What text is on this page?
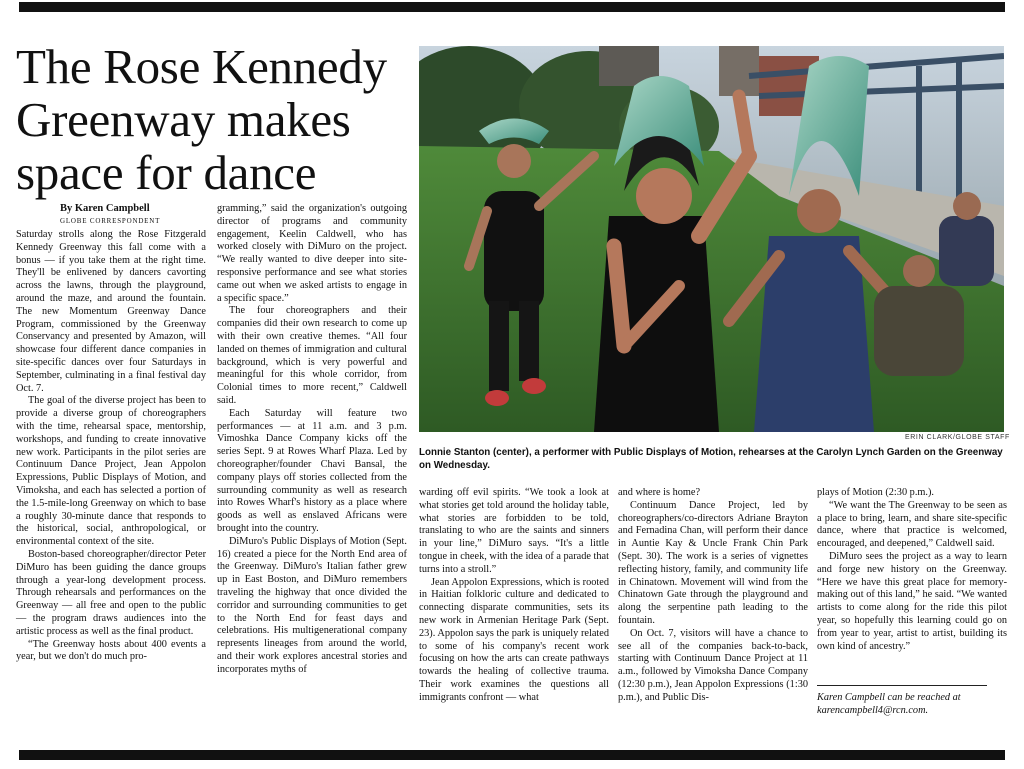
The Rose Kennedy Greenway makes space for dance
By Karen Campbell
GLOBE CORRESPONDENT

Saturday strolls along the Rose Fitzgerald Kennedy Greenway this fall come with a bonus — if you take them at the right time. They'll be enlivened by dancers cavorting across the lawns, through the playground, around the maze, and around the fountain. The new Momentum Greenway Dance Program, commissioned by the Greenway Conservancy and presented by Amazon, will showcase four different dance companies in site-specific dances over four Saturdays in September, culminating in a final festival day Oct. 7.

The goal of the diverse project has been to provide a diverse group of choreographers with the time, rehearsal space, mentorship, workshops, and funding to create innovative new work. Participants in the pilot series are Continuum Dance Project, Jean Appolon Expressions, Public Displays of Motion, and Vimoksha, and each has selected a portion of the 1.5-mile-long Greenway on which to base a roughly 30-minute dance that responds to the historical, social, anthropological, or environmental context of the site.

Boston-based choreographer/director Peter DiMuro has been guiding the dance groups through a year-long development process. Through rehearsals and performances on the Greenway — all free and open to the public — the program draws audiences into the artistic process as well as the final product.

“The Greenway hosts about 400 events a year, but we don't do much pro-

gramming,” said the organization's outgoing director of programs and community engagement, Keelin Caldwell, who has worked closely with DiMuro on the project. “We really wanted to dive deeper into site-responsive performance and see what stories came out when we asked artists to engage in a specific space.”

The four choreographers and their companies did their own research to come up with their own creative themes. “All four landed on themes of immigration and cultural background, which is very powerful and meaningful for this whole corridor, from Colonial times to more recent,” Caldwell said.

Each Saturday will feature two performances — at 11 a.m. and 3 p.m. Vimoshka Dance Company kicks off the series Sept. 9 at Rowes Wharf Plaza. Led by choreographer/founder Chavi Bansal, the company plays off stories collected from the surrounding community as well as research into Rowes Wharf's history as a place where goods as well as enslaved Africans were brought into the country.

DiMuro's Public Displays of Motion (Sept. 16) created a piece for the North End area of the Greenway. DiMuro's Italian father grew up in East Boston, and DiMuro remembers traveling the highway that once divided the corridor and surrounding communities to get to the North End for feast days and celebrations. His multigenerational company represents lineages from around the world, and their work explores ancestral stories and incorporates myths of

ERIN CLARK/GLOBE STAFF

Lonnie Stanton (center), a performer with Public Displays of Motion, rehearses at the Carolyn Lynch Garden on the Greenway on Wednesday.

warding off evil spirits. “We took a look at what stories get told around the holiday table, what stories are forbidden to be told, translating to who are the saints and sinners in your line,” DiMuro says. “It's a little tongue in cheek, with the idea of a parade that turns into a stroll.”

Jean Appolon Expressions, which is rooted in Haitian folkloric culture and dedicated to connecting disparate communities, sets its new work in Armenian Heritage Park (Sept. 23). Appolon says the park is uniquely related to some of his company's recent work focusing on how the arts can create pathways towards the healing of collective trauma. Their work examines the questions all immigrants confront — what

and where is home?

Continuum Dance Project, led by choreographers/co-directors Adriane Brayton and Fernadina Chan, will perform their dance in Auntie Kay & Uncle Frank Chin Park (Sept. 30). The work is a series of vignettes reflecting history, family, and community life in Chinatown. Movement will wind from the Chinatown Gate through the playground and along the serpentine path leading to the fountain.

On Oct. 7, visitors will have a chance to see all of the companies back-to-back, starting with Continuum Dance Project at 11 a.m., followed by Vimoksha Dance Company (12:30 p.m.), Jean Appolon Expressions (1:30 p.m.), and Public Dis-

plays of Motion (2:30 p.m.).

“We want the The Greenway to be seen as a place to bring, learn, and share site-specific dance, where that practice is welcomed, encouraged, and deepened,” Caldwell said.

DiMuro sees the project as a way to learn and forge new history on the Greenway. “Here we have this great place for memory-making out of this land,” he said. “We wanted artists to come along for the ride this pilot year, so hopefully this learning could go on from year to year, artist to artist, building its own kind of ancestry.”

Karen Campbell can be reached at karencampbell4@rcn.com.
